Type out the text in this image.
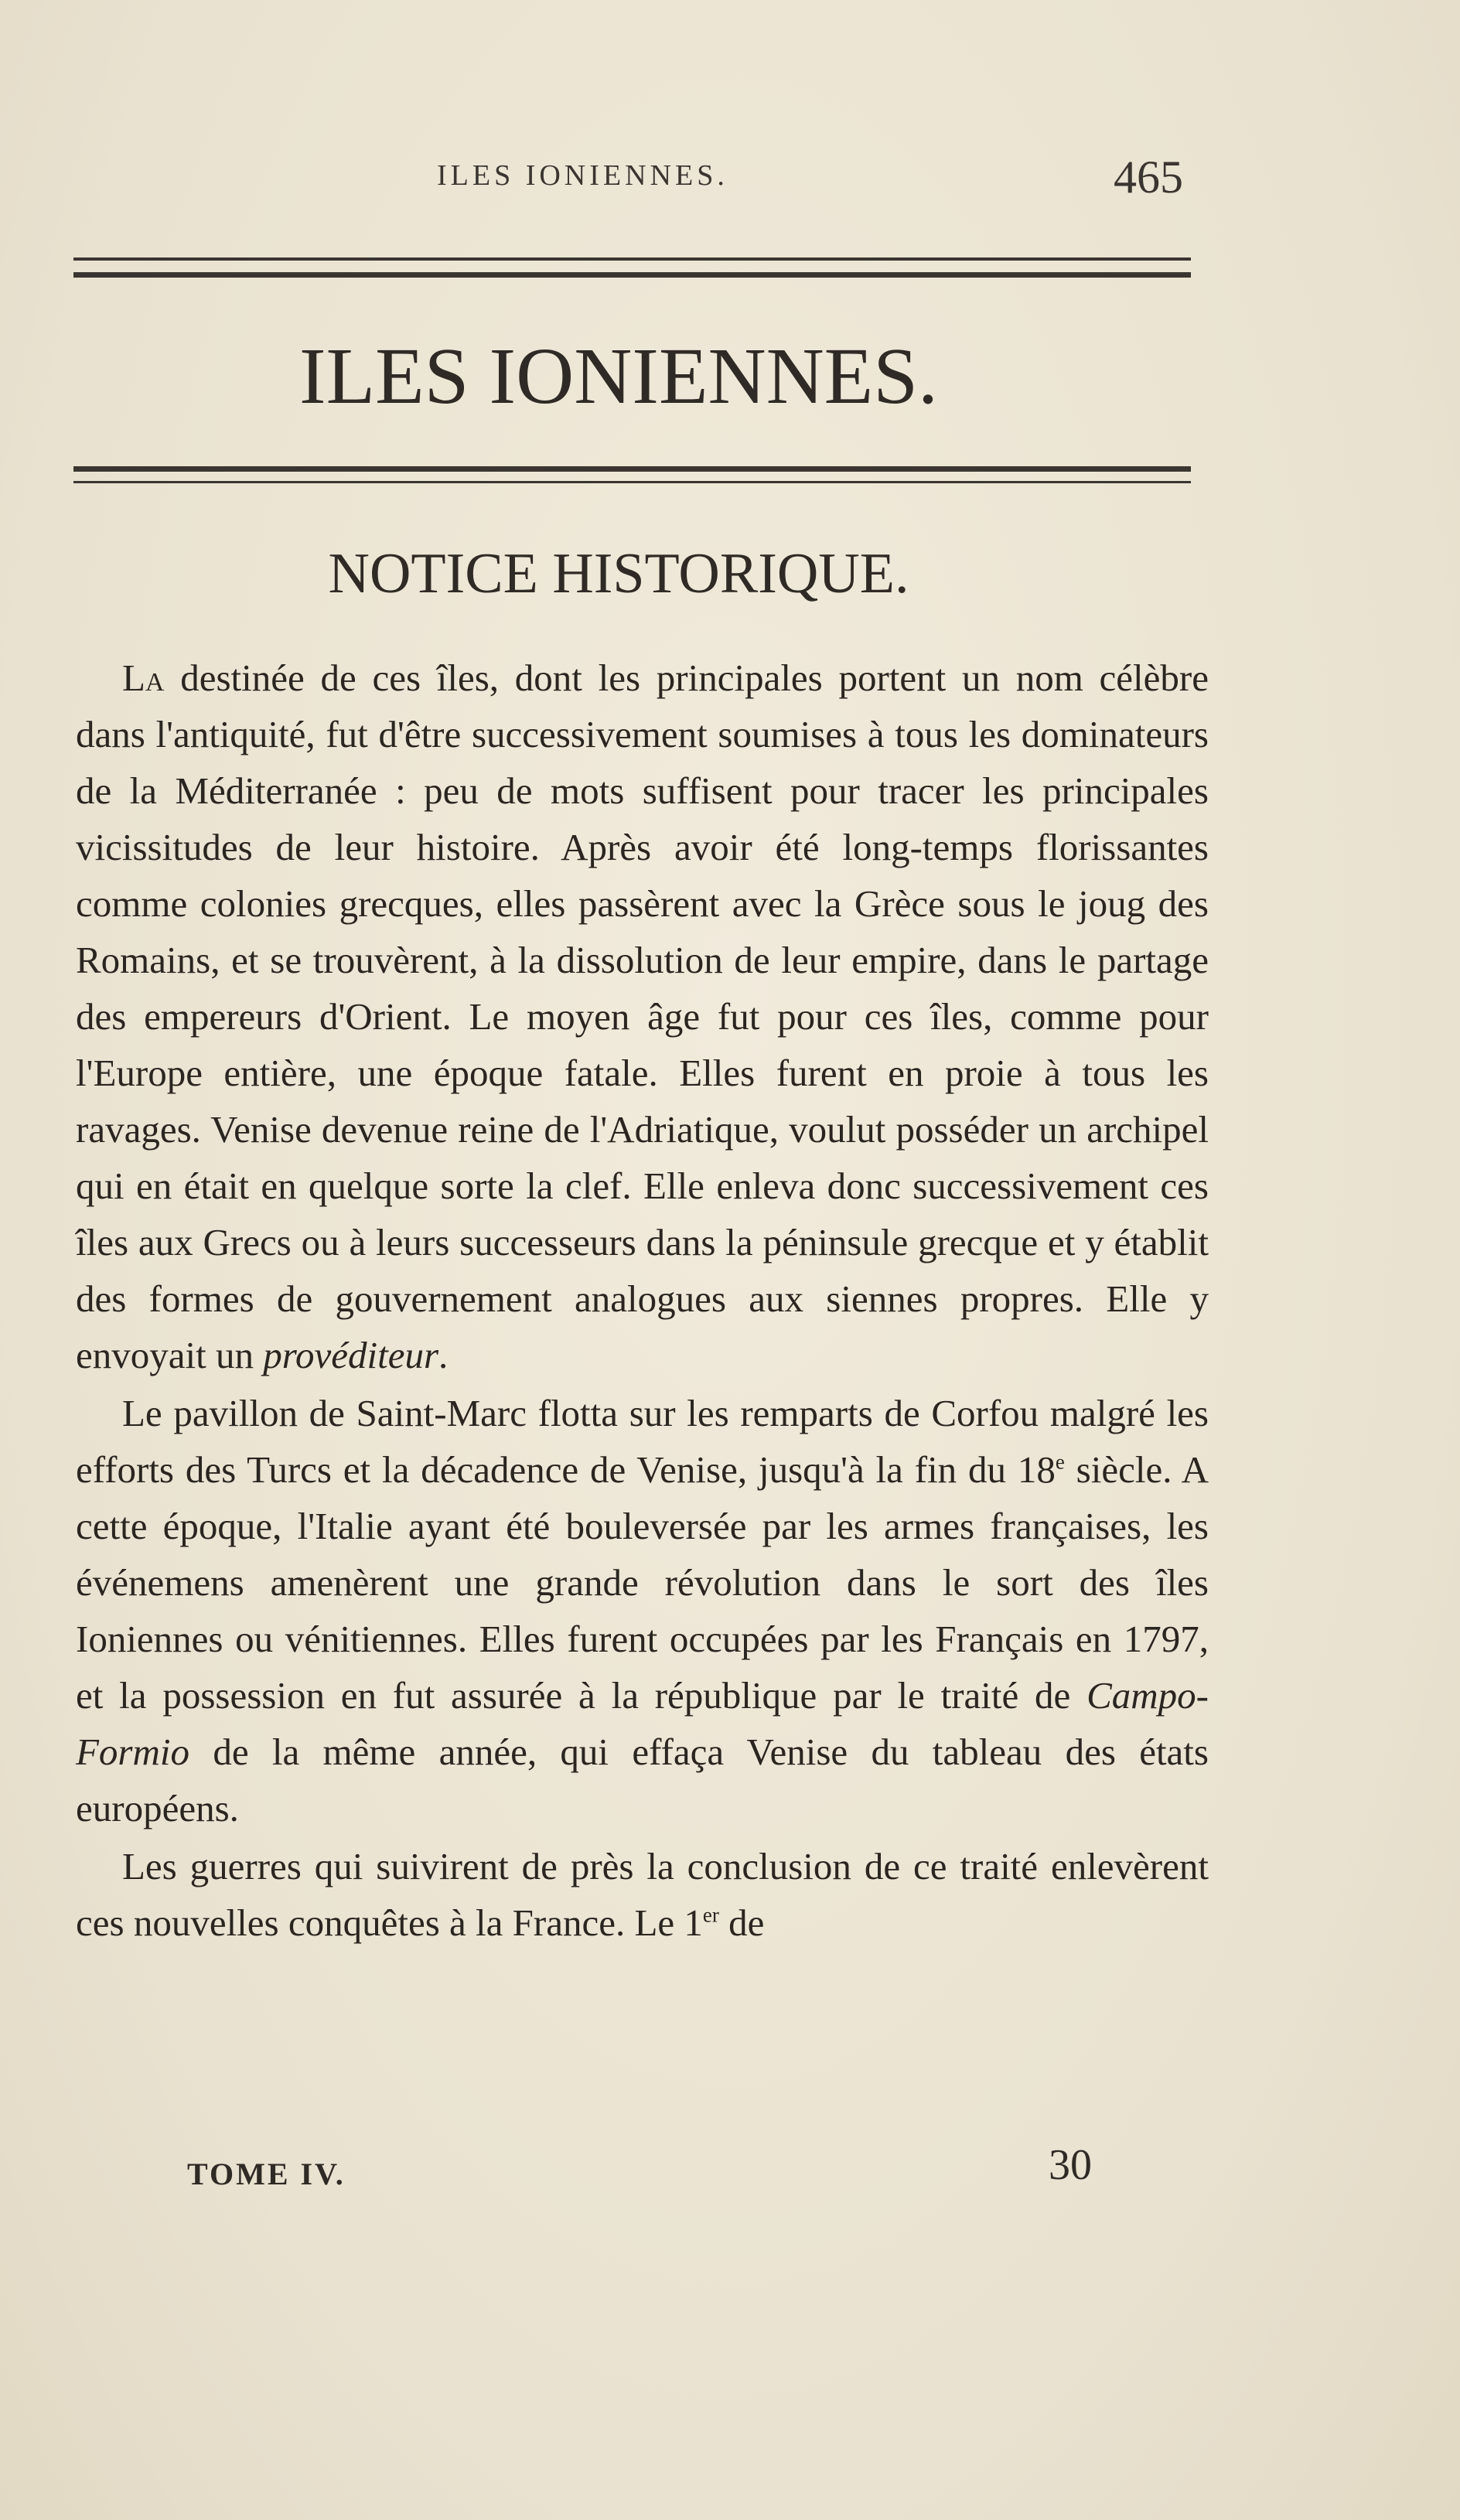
ILES IONIENNES.	465
ILES IONIENNES.
NOTICE HISTORIQUE.

La destinée de ces îles, dont les principales portent un nom célèbre dans l'antiquité, fut d'être successivement soumises à tous les dominateurs de la Méditerranée : peu de mots suffisent pour tracer les principales vicissitudes de leur histoire. Après avoir été long-temps florissantes comme colonies grecques, elles passèrent avec la Grèce sous le joug des Romains, et se trouvèrent, à la dissolution de leur empire, dans le partage des empereurs d'Orient. Le moyen âge fut pour ces îles, comme pour l'Europe entière, une époque fatale. Elles furent en proie à tous les ravages. Venise devenue reine de l'Adriatique, voulut posséder un archipel qui en était en quelque sorte la clef. Elle enleva donc successivement ces îles aux Grecs ou à leurs successeurs dans la péninsule grecque et y établit des formes de gouvernement analogues aux siennes propres. Elle y envoyait un provéditeur.

Le pavillon de Saint-Marc flotta sur les remparts de Corfou malgré les efforts des Turcs et la décadence de Venise, jusqu'à la fin du 18e siècle. A cette époque, l'Italie ayant été bouleversée par les armes françaises, les événemens amenèrent une grande révolution dans le sort des îles Ioniennes ou vénitiennes. Elles furent occupées par les Français en 1797, et la possession en fut assurée à la république par le traité de Campo-Formio de la même année, qui effaça Venise du tableau des états européens.

Les guerres qui suivirent de près la conclusion de ce traité enlevèrent ces nouvelles conquêtes à la France. Le 1er de

TOME IV.	30
